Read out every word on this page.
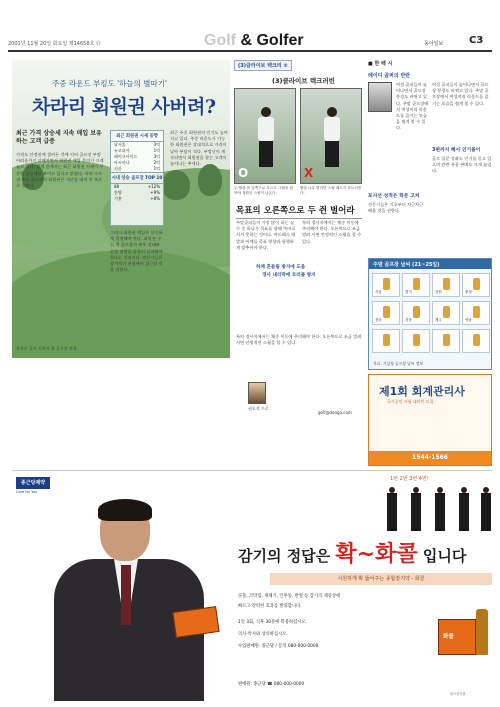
2001년 11월 20일 화요일 제14658호 ⑬	Golf & Golfer	동아일보	C3
주중 라운드 부킹도 '하늘의 별따기'
차라리 회원권 사버려?
최근 가격 상승세 지속 매입 보유하는 고객 급증
가격도 안정권에 접어든 것에 이어 골프장 부킹 어려움까지 더해지면서 회원권 매입 문의가 크게 늘고 있다. 업계 관계자는 최근 회원권 시세가 꾸준한 상승세를 보이고 있다고 밝혔다. 특히 수도권 주요 골프장의 회원권은 지난달 대비 큰 폭으로 올랐다.
그러나 회원권 매입은 신중하게 결정해야 한다. 회원권 구입 전 골프장의 재무 상태와 운영 현황을 꼼꼼히 살펴봐야 한다는 지적이다. 전문가들은 장기적인 관점에서 접근할 것을 권한다.
최근 주중 회원권의 인기도 높아지고 있다. 주중 라운드가 가능한 회원권은 상대적으로 가격이 낮아 부담이 적다. 부킹난이 계속되면서 회원권을 찾는 고객이 늘어나는 추세다.
최근 회원권 시세 동향
남서울	3억
뉴코리아	1억
레이크사이드	3억
아시아나	2억
지산	1억
시내 상승 골프장 TOP 10
88	+12%
안양	+9%
기흥	+8%
사진은 경기 지역의 한 골프장 전경.
(3)클라이브 텍크리 ②
(3)클라이브 텍크러빈
O	X
두 팔을 몸 앞쪽으로 모으고 그립을 잡아야 정확한 스윙이 나온다.
팔을 너무 벌리면 스윙 궤도가 흐트러진다.
■ 한 백 시
레이디 골퍼의 반란
여성 골퍼들이 늘어나면서 골프장 풍경도 바뀌고 있다. 주말 골프장에서 여성끼리 라운드를 즐기는 모습을 쉽게 볼 수 있다.
여성 골퍼들이 늘어나면서 골프장 풍경도 바뀌고 있다. 주말 골프장에서 여성끼리 라운드를 즐기는 모습을 쉽게 볼 수 있다.
3편까지 해서 인기몰이
골프 입문 강좌도 인기를 끌고 있으며 관련 용품 판매도 크게 늘었다.
포지션 성적은 학문 고쳐
전문가들은 기초부터 차근차근 배울 것을 권한다.
목표의 오른쪽으로 두 쥔 벌어라
주말골퍼들이 가장 많이 하는 실수 중 하나가 목표를 향해 똑바로 서지 못하는 것이다. 어드레스 때 발과 어깨를 목표 방향과 평행하게 맞추어야 한다.
특히 경사지에서는 체중 이동에 주의해야 한다. 오른쪽으로 조금 벌려 서면 안정적인 스윙을 할 수 있다.
하체 흔들림 방지에 도움
경사 내리막에 트러블 방지
특히 경사지에서는 체중 이동에 주의해야 한다. 오른쪽으로 조금 벌려 서면 안정적인 스윙을 할 수 있다.
권오석 프로
golf@donga.com
주말 골프장 날씨 (21~25일)
서울	경기	강원	충청
전라	경상	제주	영남
자료: 기상청 골프장 날씨 정보
제1회 회계관리사
국가공인 시험 대비반 모집
1544-1566
종근당제약
Care for You
1번 2번 3번 4번!
감기의 정답은 확~화콜 입니다
시원하게 확 뚫어주는 종합감기약 - 화콜
콧물, 코막힘, 재채기, 인후통, 발열 등 감기의 제증상에
빠르고 강력한 효과를 발휘합니다.
1일 3회, 식후 30분에 복용하십시오.
의사·약사와 상의하십시오.
수입판매원: 종근당 / 문의 080-000-0000
화콜
판매원: 종근당 ☎ 080-000-0000
광고심의필
